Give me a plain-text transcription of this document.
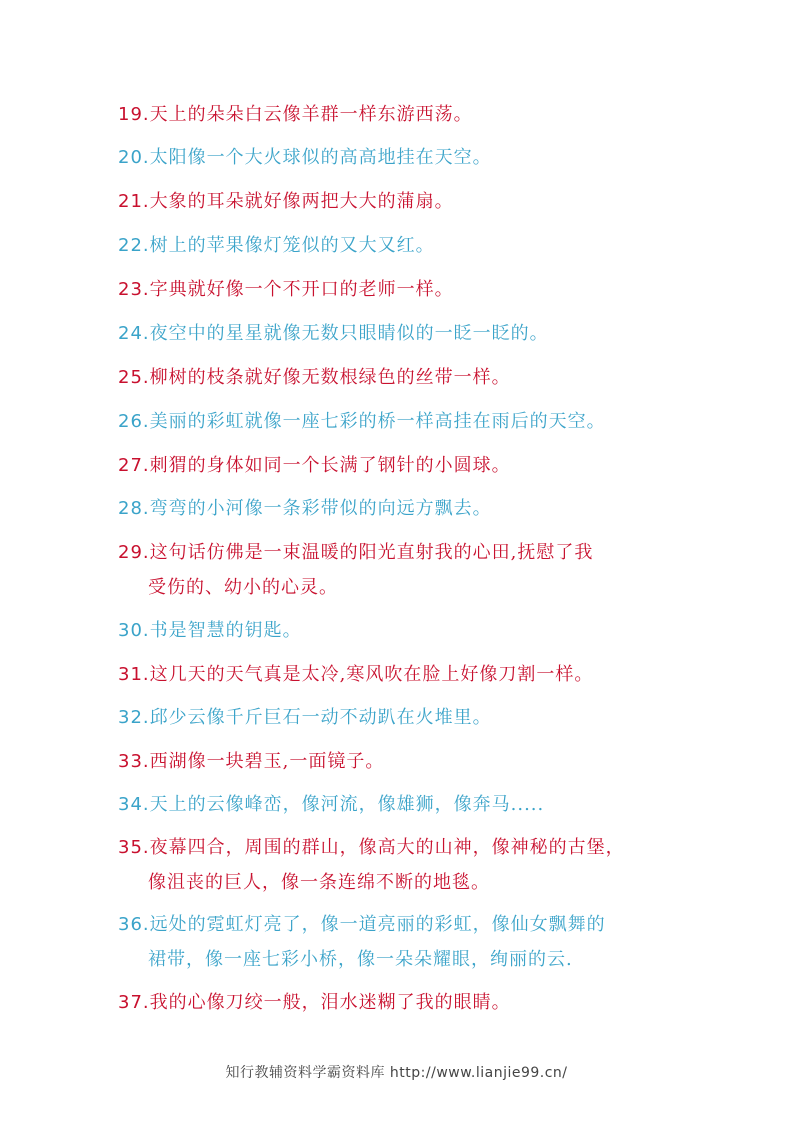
19.天上的朵朵白云像羊群一样东游西荡。
20.太阳像一个大火球似的高高地挂在天空。
21.大象的耳朵就好像两把大大的蒲扇。
22.树上的苹果像灯笼似的又大又红。
23.字典就好像一个不开口的老师一样。
24.夜空中的星星就像无数只眼睛似的一眨一眨的。
25.柳树的枝条就好像无数根绿色的丝带一样。
26.美丽的彩虹就像一座七彩的桥一样高挂在雨后的天空。
27.刺猬的身体如同一个长满了钢针的小圆球。
28.弯弯的小河像一条彩带似的向远方飘去。
29.这句话仿佛是一束温暖的阳光直射我的心田,抚慰了我
受伤的、幼小的心灵。
30.书是智慧的钥匙。
31.这几天的天气真是太冷,寒风吹在脸上好像刀割一样。
32.邱少云像千斤巨石一动不动趴在火堆里。
33.西湖像一块碧玉,一面镜子。
34.天上的云像峰峦，像河流，像雄狮，像奔马.....
35.夜幕四合，周围的群山，像高大的山神，像神秘的古堡，
像沮丧的巨人，像一条连绵不断的地毯。
36.远处的霓虹灯亮了，像一道亮丽的彩虹，像仙女飘舞的
裙带，像一座七彩小桥，像一朵朵耀眼，绚丽的云.
37.我的心像刀绞一般，泪水迷糊了我的眼睛。
知行教辅资料学霸资料库 http://www.lianjie99.cn/
